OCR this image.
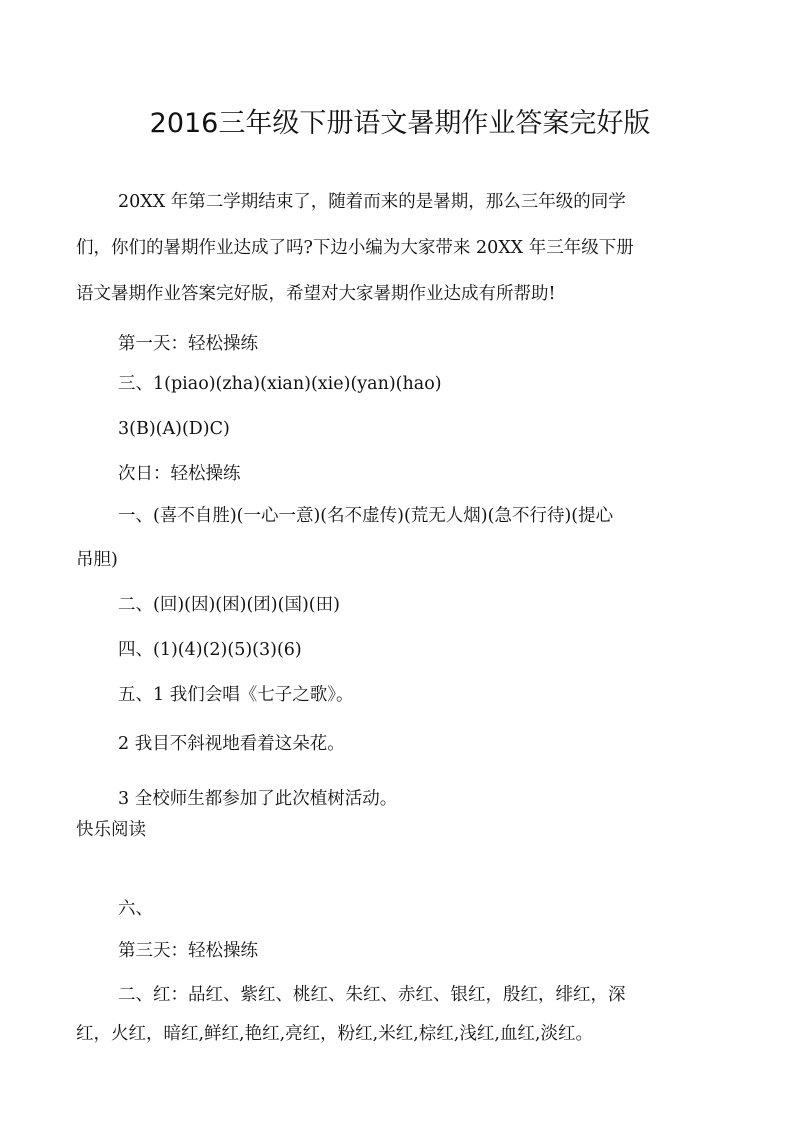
2016三年级下册语文暑期作业答案完好版
20XX 年第二学期结束了，随着而来的是暑期，那么三年级的同学
们，你们的暑期作业达成了吗?下边小编为大家带来 20XX 年三年级下册
语文暑期作业答案完好版，希望对大家暑期作业达成有所帮助!
第一天：轻松操练
三、1(piao)(zha)(xian)(xie)(yan)(hao)
3(B)(A)(D)C)
次日：轻松操练
一、(喜不自胜)(一心一意)(名不虚传)(荒无人烟)(急不行待)(提心
吊胆)
二、(回)(因)(困)(团)(国)(田)
四、(1)(4)(2)(5)(3)(6)
五、1 我们会唱《七子之歌》。
2 我目不斜视地看着这朵花。
3 全校师生都参加了此次植树活动。
快乐阅读
六、
第三天：轻松操练
二、红：品红、紫红、桃红、朱红、赤红、银红，殷红，绯红，深
红，火红，暗红,鲜红,艳红,亮红，粉红,米红,棕红,浅红,血红,淡红。
